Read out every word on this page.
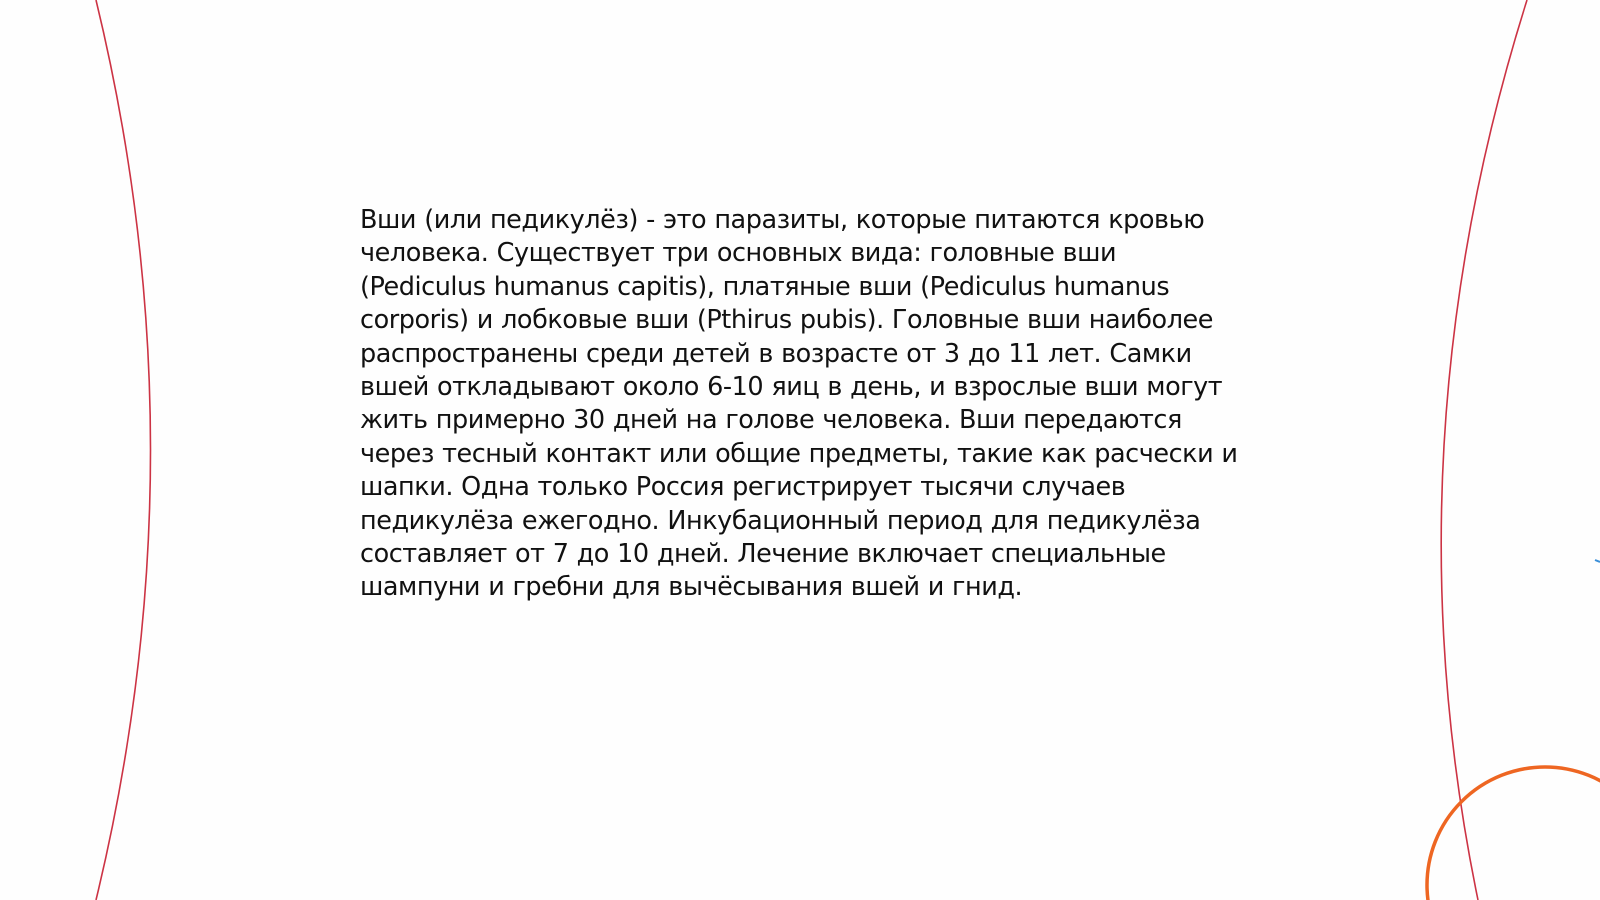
Вши (или педикулёз) - это паразиты, которые питаются кровью человека. Существует три основных вида: головные вши (Pediculus humanus capitis), платяные вши (Pediculus humanus corporis) и лобковые вши (Pthirus pubis). Головные вши наиболее распространены среди детей в возрасте от 3 до 11 лет. Самки вшей откладывают около 6-10 яиц в день, и взрослые вши могут жить примерно 30 дней на голове человека. Вши передаются через тесный контакт или общие предметы, такие как расчески и шапки. Одна только Россия регистрирует тысячи случаев педикулёза ежегодно. Инкубационный период для педикулёза составляет от 7 до 10 дней. Лечение включает специальные шампуни и гребни для вычёсывания вшей и гнид.
